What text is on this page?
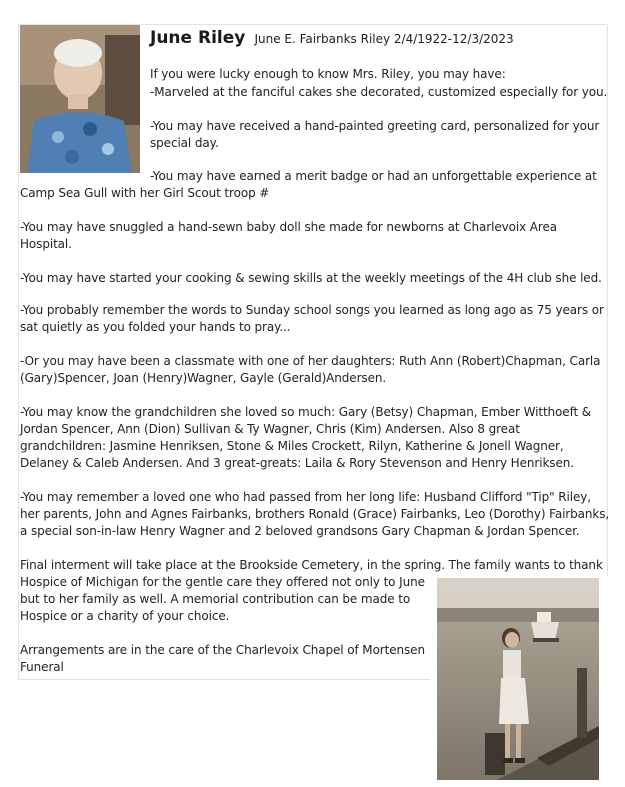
June Riley June E. Fairbanks Riley 2/4/1922-12/3/2023

If you were lucky enough to know Mrs. Riley, you may have:

-Marveled at the fanciful cakes she decorated, customized especially for you.

-You may have received a hand-painted greeting card, personalized for your

special day.

-You may have earned a merit badge or had an unforgettable experience at

Camp Sea Gull with her Girl Scout troop #

-You may have snuggled a hand-sewn baby doll she made for newborns at Charlevoix Area

Hospital.

-You may have started your cooking & sewing skills at the weekly meetings of the 4H club she led.

-You probably remember the words to Sunday school songs you learned as long ago as 75 years or

sat quietly as you folded your hands to pray...

-Or you may have been a classmate with one of her daughters: Ruth Ann (Robert)Chapman, Carla

(Gary)Spencer, Joan (Henry)Wagner, Gayle (Gerald)Andersen.

-You may know the grandchildren she loved so much: Gary (Betsy) Chapman, Ember Witthoeft &

Jordan Spencer, Ann (Dion) Sullivan & Ty Wagner, Chris (Kim) Andersen. Also 8 great

grandchildren: Jasmine Henriksen, Stone & Miles Crockett, Rilyn, Katherine & Jonell Wagner,

Delaney & Caleb Andersen. And 3 great-greats: Laila & Rory Stevenson and Henry Henriksen.

-You may remember a loved one who had passed from her long life: Husband Clifford "Tip" Riley,

her parents, John and Agnes Fairbanks, brothers Ronald (Grace) Fairbanks, Leo (Dorothy) Fairbanks,

a special son-in-law Henry Wagner and 2 beloved grandsons Gary Chapman & Jordan Spencer.

Final interment will take place at the Brookside Cemetery, in the spring. The family wants to thank

Hospice of Michigan for the gentle care they offered not only to June

but to her family as well. A memorial contribution can be made to

Hospice or a charity of your choice.

Arrangements are in the care of the Charlevoix Chapel of Mortensen

Funeral
